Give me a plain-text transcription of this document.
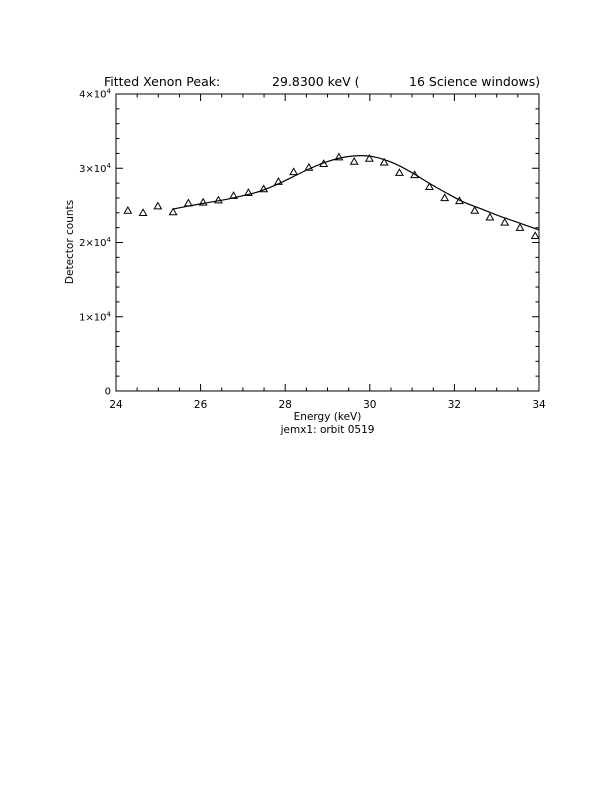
Fitted Xenon Peak:	29.8300 keV (	16 Science windows)
24	26	28	30	32	34
0
$1\times 10^4$
$2\times 10^4$
$3\times 10^4$
$4\times 10^4$
Energy (keV)
jemx1: orbit 0519
Detector counts
